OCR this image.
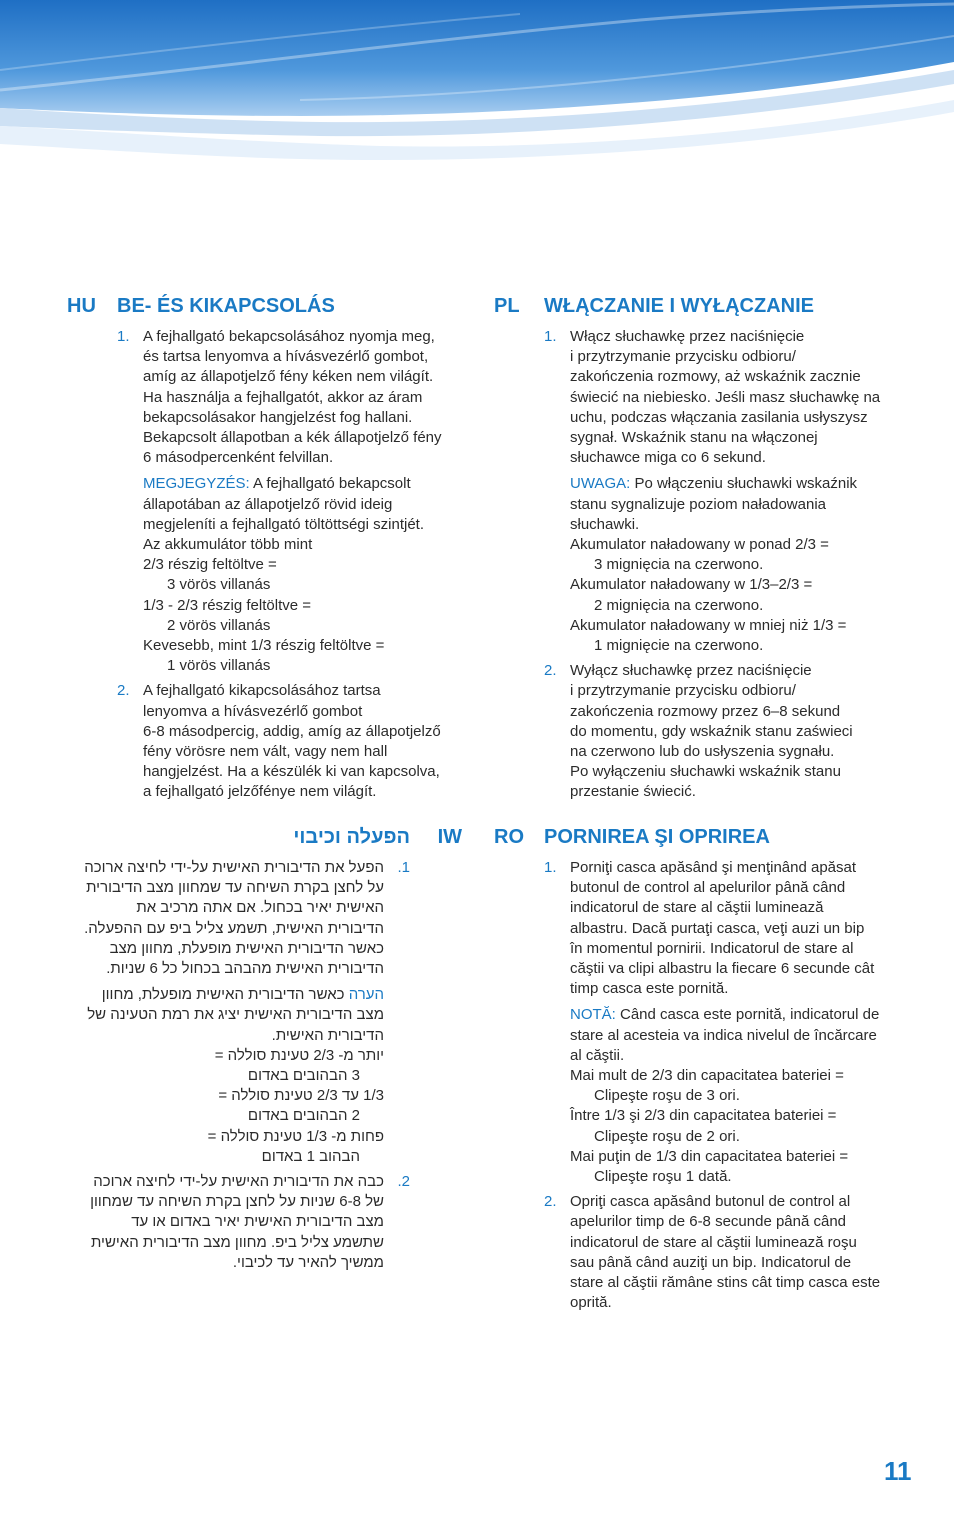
HU BE- ÉS KIKAPCSOLÁS
1. A fejhallgató bekapcsolásához nyomja meg,

és tartsa lenyomva a hívásvezérlő gombot,

amíg az állapotjelző fény kéken nem világít.

Ha használja a fejhallgatót, akkor az áram

bekapcsolásakor hangjelzést fog hallani.

Bekapcsolt állapotban a kék állapotjelző fény

6 másodpercenként felvillan.

MEGJEGYZÉS: A fejhallgató bekapcsolt

állapotában az állapotjelző rövid ideig

megjeleníti a fejhallgató töltöttségi szintjét.

Az akkumulátor több mint

2/3 részig feltöltve =

3 vörös villanás

1/3 - 2/3 részig feltöltve =

2 vörös villanás

Kevesebb, mint 1/3 részig feltöltve =

1 vörös villanás

2. A fejhallgató kikapcsolásához tartsa

lenyomva a hívásvezérlő gombot

6-8 másodpercig, addig, amíg az állapotjelző

fény vörösre nem vált, vagy nem hall

hangjelzést. Ha a készülék ki van kapcsolva,

a fejhallgató jelzőfénye nem világít.

PL WŁĄCZANIE I WYŁĄCZANIE
1. Włącz słuchawkę przez naciśnięcie

i przytrzymanie przycisku odbioru/

zakończenia rozmowy, aż wskaźnik zacznie

świecić na niebiesko. Jeśli masz słuchawkę na

uchu, podczas włączania zasilania usłyszysz

sygnał. Wskaźnik stanu na włączonej

słuchawce miga co 6 sekund.

UWAGA: Po włączeniu słuchawki wskaźnik

stanu sygnalizuje poziom naładowania

słuchawki.

Akumulator naładowany w ponad 2/3 =

3 mignięcia na czerwono.

Akumulator naładowany w 1/3–2/3 =

2 mignięcia na czerwono.

Akumulator naładowany w mniej niż 1/3 =

1 mignięcie na czerwono.

2. Wyłącz słuchawkę przez naciśnięcie

i przytrzymanie przycisku odbioru/

zakończenia rozmowy przez 6–8 sekund

do momentu, gdy wskaźnik stanu zaświeci

na czerwono lub do usłyszenia sygnału.

Po wyłączeniu słuchawki wskaźnik stanu

przestanie świecić.

IW
הפעלה וכיבוי
.1

הפעל את הדיבורית האישית על-ידי לחיצה ארוכה

על לחצן בקרת השיחה עד שמחוון מצב הדיבורית

האישית יאיר בכחול. אם אתה מרכיב את

הדיבורית האישית, תשמע צליל ביפ עם ההפעלה.

כאשר הדיבורית האישית מופעלת, מחוון מצב

הדיבורית האישית מהבהב בכחול כל 6 שניות.

הערה כאשר הדיבורית האישית מופעלת, מחוון

מצב הדיבורית האישית יציג את רמת הטעינה של

הדיבורית האישית.

יותר מ- 2/3 טעינת סוללה =

3 הבהובים באדום

1/3 עד 2/3 טעינת סוללה =

2 הבהובים באדום

פחות מ- 1/3 טעינת סוללה =

הבהוב 1 באדום

.2

כבה את הדיבורית האישית על-ידי לחיצה ארוכה

של 6-8 שניות על לחצן בקרת השיחה עד שמחוון

מצב הדיבורית האישית יאיר באדום או עד

שתשמע צליל ביפ. מחוון מצב הדיבורית האישית

ממשיך להאיר עד לכיבוי.

RO PORNIREA ŞI OPRIREA
1. Porniţi casca apăsând şi menţinând apăsat

butonul de control al apelurilor până când

indicatorul de stare al căştii luminează

albastru. Dacă purtaţi casca, veţi auzi un bip

în momentul pornirii. Indicatorul de stare al

căştii va clipi albastru la fiecare 6 secunde cât

timp casca este pornită.

NOTĂ: Când casca este pornită, indicatorul de

stare al acesteia va indica nivelul de încărcare

al căştii.

Mai mult de 2/3 din capacitatea bateriei =

Clipeşte roşu de 3 ori.

Între 1/3 şi 2/3 din capacitatea bateriei =

Clipeşte roşu de 2 ori.

Mai puţin de 1/3 din capacitatea bateriei =

Clipeşte roşu 1 dată.

2. Opriţi casca apăsând butonul de control al

apelurilor timp de 6-8 secunde până când

indicatorul de stare al căştii luminează roşu

sau până când auziţi un bip. Indicatorul de

stare al căştii rămâne stins cât timp casca este

oprită.

11
